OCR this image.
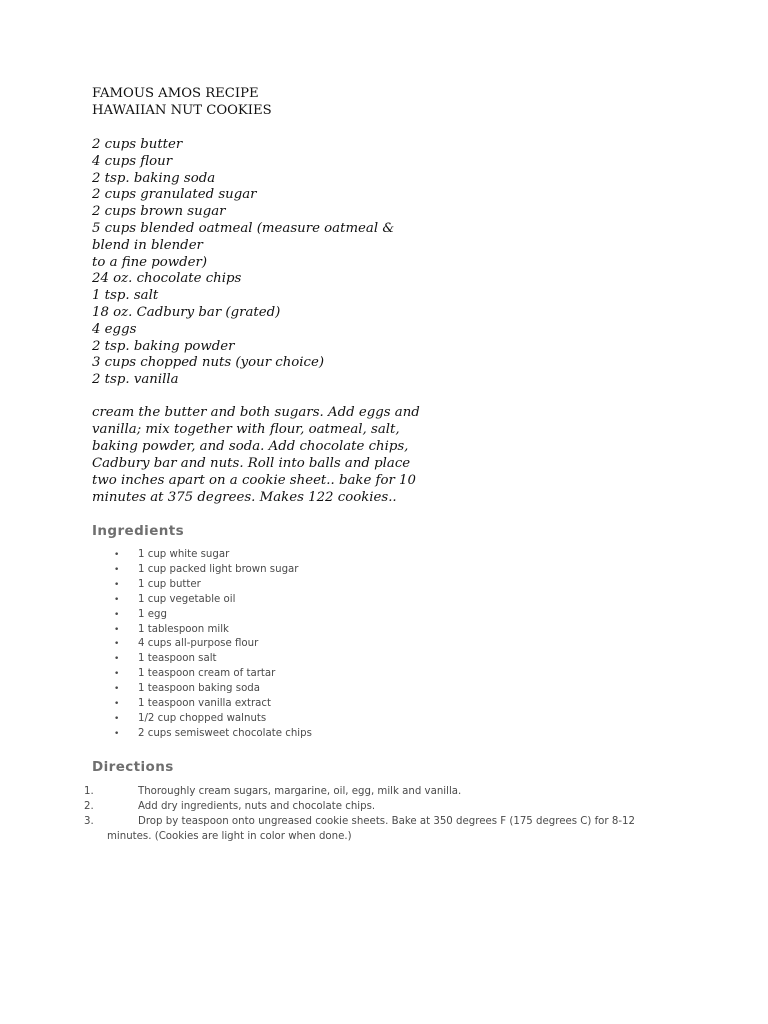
FAMOUS AMOS RECIPE
HAWAIIAN NUT COOKIES
2 cups butter
4 cups flour
2 tsp. baking soda
2 cups granulated sugar
2 cups brown sugar
5 cups blended oatmeal (measure oatmeal &
blend in blender
to a fine powder)
24 oz. chocolate chips
1 tsp. salt
18 oz. Cadbury bar (grated)
4 eggs
2 tsp. baking powder
3 cups chopped nuts (your choice)
2 tsp. vanilla

cream the butter and both sugars. Add eggs and
vanilla; mix together with flour, oatmeal, salt,
baking powder, and soda. Add chocolate chips,
Cadbury bar and nuts. Roll into balls and place
two inches apart on a cookie sheet.. bake for 10
minutes at 375 degrees. Makes 122 cookies..

Ingredients
• 1 cup white sugar
• 1 cup packed light brown sugar
• 1 cup butter
• 1 cup vegetable oil
• 1 egg
• 1 tablespoon milk
• 4 cups all-purpose flour
• 1 teaspoon salt
• 1 teaspoon cream of tartar
• 1 teaspoon baking soda
• 1 teaspoon vanilla extract
• 1/2 cup chopped walnuts
• 2 cups semisweet chocolate chips
Directions
1.	Thoroughly cream sugars, margarine, oil, egg, milk and vanilla.
2.	Add dry ingredients, nuts and chocolate chips.
3.	Drop by teaspoon onto ungreased cookie sheets. Bake at 350 degrees F (175 degrees C) for 8-12
minutes. (Cookies are light in color when done.)
